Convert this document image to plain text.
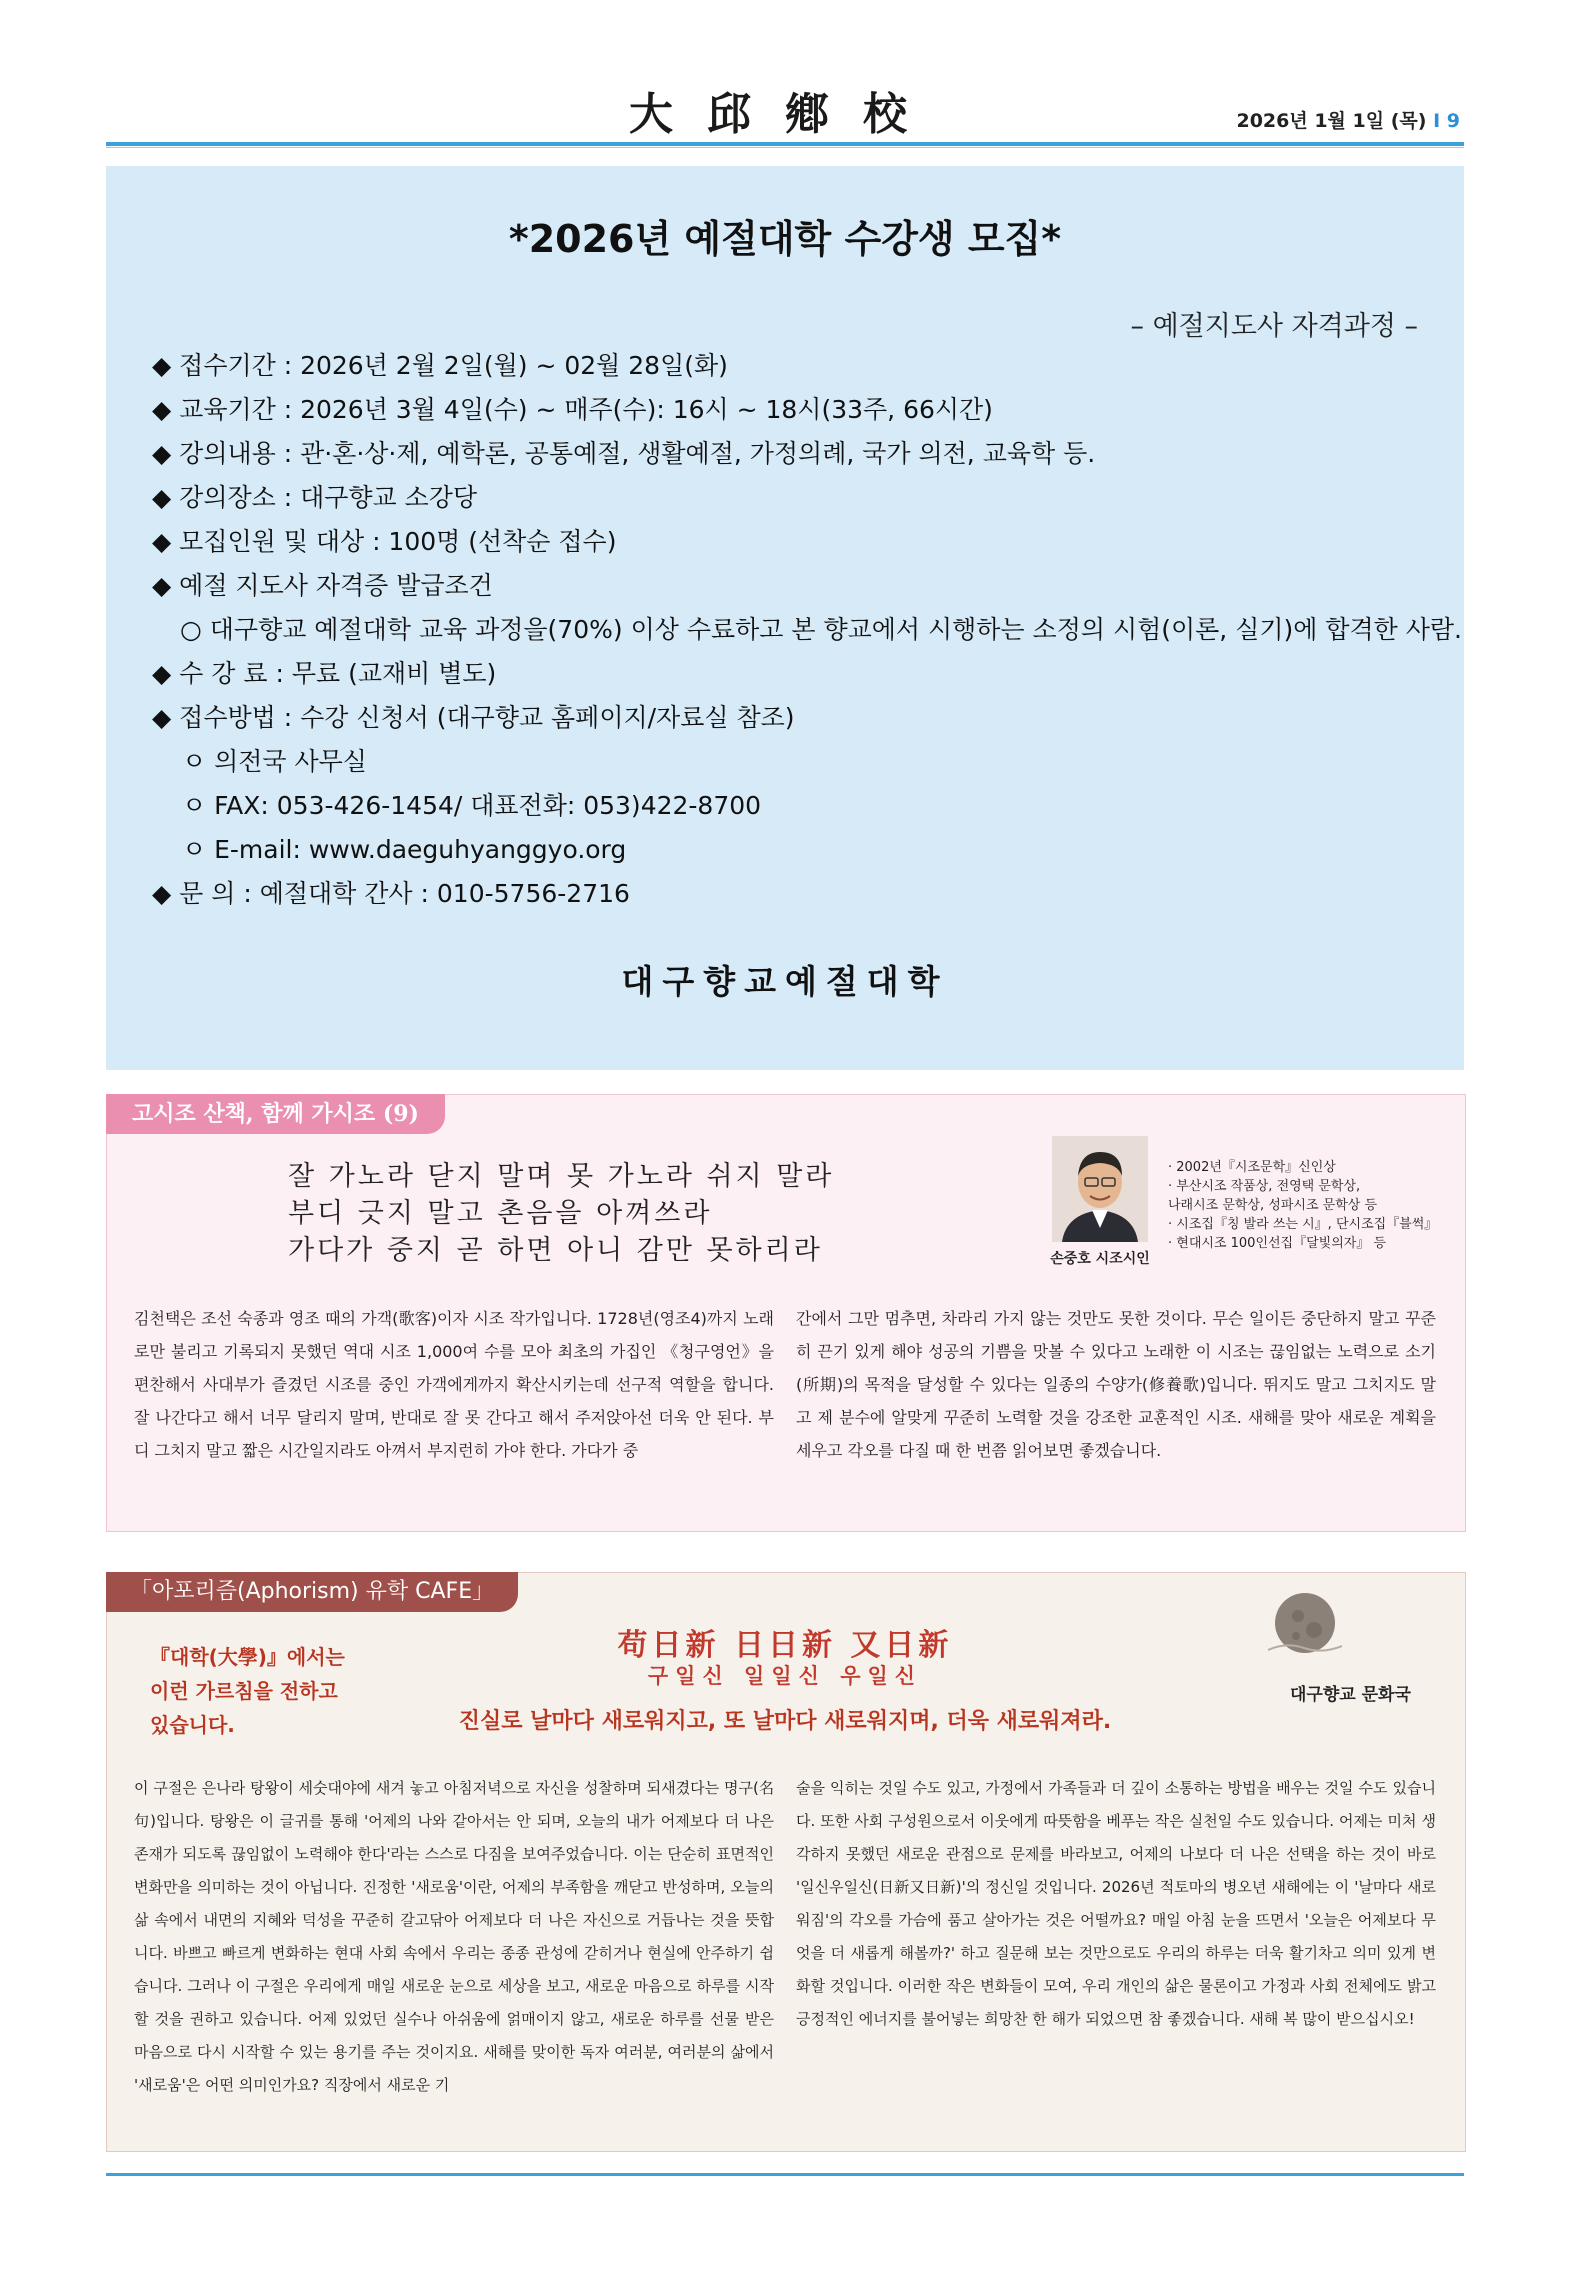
大邱鄕校	2026년 1월 1일 (목) I 9
*2026년 예절대학 수강생 모집*
– 예절지도사 자격과정 –
◆ 접수기간 : 2026년 2월 2일(월) ~ 02월 28일(화)
◆ 교육기간 : 2026년 3월 4일(수) ~ 매주(수): 16시 ~ 18시(33주, 66시간)
◆ 강의내용 : 관·혼·상·제, 예학론, 공통예절, 생활예절, 가정의례, 국가 의전, 교육학 등.
◆ 강의장소 : 대구향교 소강당
◆ 모집인원 및 대상 : 100명 (선착순 접수)
◆ 예절 지도사 자격증 발급조건
○ 대구향교 예절대학 교육 과정을(70%) 이상 수료하고 본 향교에서 시행하는 소정의 시험(이론, 실기)에 합격한 사람.
◆ 수 강 료 : 무료 (교재비 별도)
◆ 접수방법 : 수강 신청서 (대구향교 홈페이지/자료실 참조)
ㅇ 의전국 사무실
ㅇ FAX: 053-426-1454/ 대표전화: 053)422-8700
ㅇ E-mail: www.daeguhyanggyo.org
◆ 문 의 : 예절대학 간사 : 010-5756-2716
대구향교예절대학
고시조 산책, 함께 가시조 (9)
잘 가노라 닫지 말며 못 가노라 쉬지 말라
부디 긋지 말고 촌음을 아껴쓰라
가다가 중지 곧 하면 아니 감만 못하리라	손중호 시조시인
· 2002년『시조문학』신인상
· 부산시조 작품상, 전영택 문학상,
나래시조 문학상, 성파시조 문학상 등
· 시조집『칭 발라 쓰는 시』, 단시조집『블썩』
· 현대시조 100인선집『달빛의자』 등
김천택은 조선 숙종과 영조 때의 가객(歌客)이자 시조 작가입니다. 1728년(영조4)까지 노래로만 불리고 기록되지 못했던 역대 시조 1,000여 수를 모아 최초의 가집인 《청구영언》을 편찬해서 사대부가 즐겼던 시조를 중인 가객에게까지 확산시키는데 선구적 역할을 합니다. 잘 나간다고 해서 너무 달리지 말며, 반대로 잘 못 간다고 해서 주저앉아선 더욱 안 된다. 부디 그치지 말고 짧은 시간일지라도 아껴서 부지런히 가야 한다. 가다가 중
간에서 그만 멈추면, 차라리 가지 않는 것만도 못한 것이다. 무슨 일이든 중단하지 말고 꾸준히 끈기 있게 해야 성공의 기쁨을 맛볼 수 있다고 노래한 이 시조는 끊임없는 노력으로 소기(所期)의 목적을 달성할 수 있다는 일종의 수양가(修養歌)입니다. 뛰지도 말고 그치지도 말고 제 분수에 알맞게 꾸준히 노력할 것을 강조한 교훈적인 시조. 새해를 맞아 새로운 계획을 세우고 각오를 다질 때 한 번쯤 읽어보면 좋겠습니다.
「아포리즘(Aphorism) 유학 CAFE」
『대학(大學)』에서는 이런 가르침을 전하고 있습니다.
苟日新 日日新 又日新
구일신 일일신 우일신
진실로 날마다 새로워지고, 또 날마다 새로워지며, 더욱 새로워져라.
대구향교 문화국
이 구절은 은나라 탕왕이 세숫대야에 새겨 놓고 아침저녁으로 자신을 성찰하며 되새겼다는 명구(名句)입니다. 탕왕은 이 글귀를 통해 '어제의 나와 같아서는 안 되며, 오늘의 내가 어제보다 더 나은 존재가 되도록 끊임없이 노력해야 한다'라는 스스로 다짐을 보여주었습니다. 이는 단순히 표면적인 변화만을 의미하는 것이 아닙니다. 진정한 '새로움'이란, 어제의 부족함을 깨닫고 반성하며, 오늘의 삶 속에서 내면의 지혜와 덕성을 꾸준히 갈고닦아 어제보다 더 나은 자신으로 거듭나는 것을 뜻합니다. 바쁘고 빠르게 변화하는 현대 사회 속에서 우리는 종종 관성에 갇히거나 현실에 안주하기 쉽습니다. 그러나 이 구절은 우리에게 매일 새로운 눈으로 세상을 보고, 새로운 마음으로 하루를 시작할 것을 권하고 있습니다. 어제 있었던 실수나 아쉬움에 얽매이지 않고, 새로운 하루를 선물 받은 마음으로 다시 시작할 수 있는 용기를 주는 것이지요. 새해를 맞이한 독자 여러분, 여러분의 삶에서 '새로움'은 어떤 의미인가요? 직장에서 새로운 기
술을 익히는 것일 수도 있고, 가정에서 가족들과 더 깊이 소통하는 방법을 배우는 것일 수도 있습니다. 또한 사회 구성원으로서 이웃에게 따뜻함을 베푸는 작은 실천일 수도 있습니다. 어제는 미처 생각하지 못했던 새로운 관점으로 문제를 바라보고, 어제의 나보다 더 나은 선택을 하는 것이 바로 '일신우일신(日新又日新)'의 정신일 것입니다. 2026년 적토마의 병오년 새해에는 이 '날마다 새로워짐'의 각오를 가슴에 품고 살아가는 것은 어떨까요? 매일 아침 눈을 뜨면서 '오늘은 어제보다 무엇을 더 새롭게 해볼까?' 하고 질문해 보는 것만으로도 우리의 하루는 더욱 활기차고 의미 있게 변화할 것입니다. 이러한 작은 변화들이 모여, 우리 개인의 삶은 물론이고 가정과 사회 전체에도 밝고 긍정적인 에너지를 불어넣는 희망찬 한 해가 되었으면 참 좋겠습니다. 새해 복 많이 받으십시오!
